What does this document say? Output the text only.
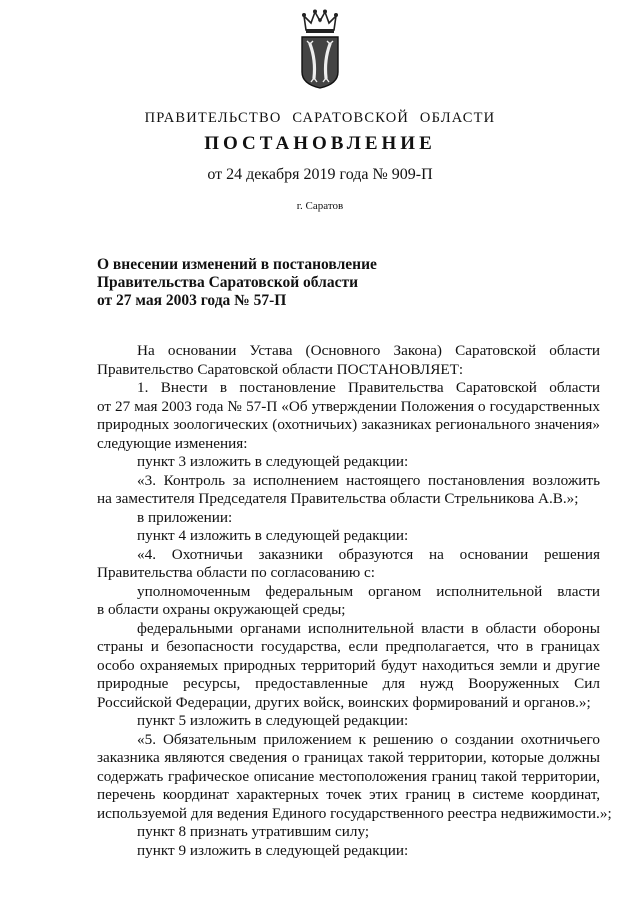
ПРАВИТЕЛЬСТВО САРАТОВСКОЙ ОБЛАСТИ
ПОСТАНОВЛЕНИЕ
от 24 декабря 2019 года № 909-П
г. Саратов
О внесении изменений в постановление
Правительства Саратовской области
от 27 мая 2003 года № 57-П
На основании Устава (Основного Закона) Саратовской области
Правительство Саратовской области ПОСТАНОВЛЯЕТ:
1. Внести в постановление Правительства Саратовской области
от 27 мая 2003 года № 57-П «Об утверждении Положения о государственных
природных зоологических (охотничьих) заказниках регионального значения»
следующие изменения:
пункт 3 изложить в следующей редакции:
«3. Контроль за исполнением настоящего постановления возложить
на заместителя Председателя Правительства области Стрельникова А.В.»;
в приложении:
пункт 4 изложить в следующей редакции:
«4. Охотничьи заказники образуются на основании решения
Правительства области по согласованию с:
уполномоченным федеральным органом исполнительной власти
в области охраны окружающей среды;
федеральными органами исполнительной власти в области обороны
страны и безопасности государства, если предполагается, что в границах
особо охраняемых природных территорий будут находиться земли и другие
природные ресурсы, предоставленные для нужд Вооруженных Сил
Российской Федерации, других войск, воинских формирований и органов.»;
пункт 5 изложить в следующей редакции:
«5. Обязательным приложением к решению о создании охотничьего
заказника являются сведения о границах такой территории, которые должны
содержать графическое описание местоположения границ такой территории,
перечень координат характерных точек этих границ в системе координат,
используемой для ведения Единого государственного реестра недвижимости.»;
пункт 8 признать утратившим силу;
пункт 9 изложить в следующей редакции:
